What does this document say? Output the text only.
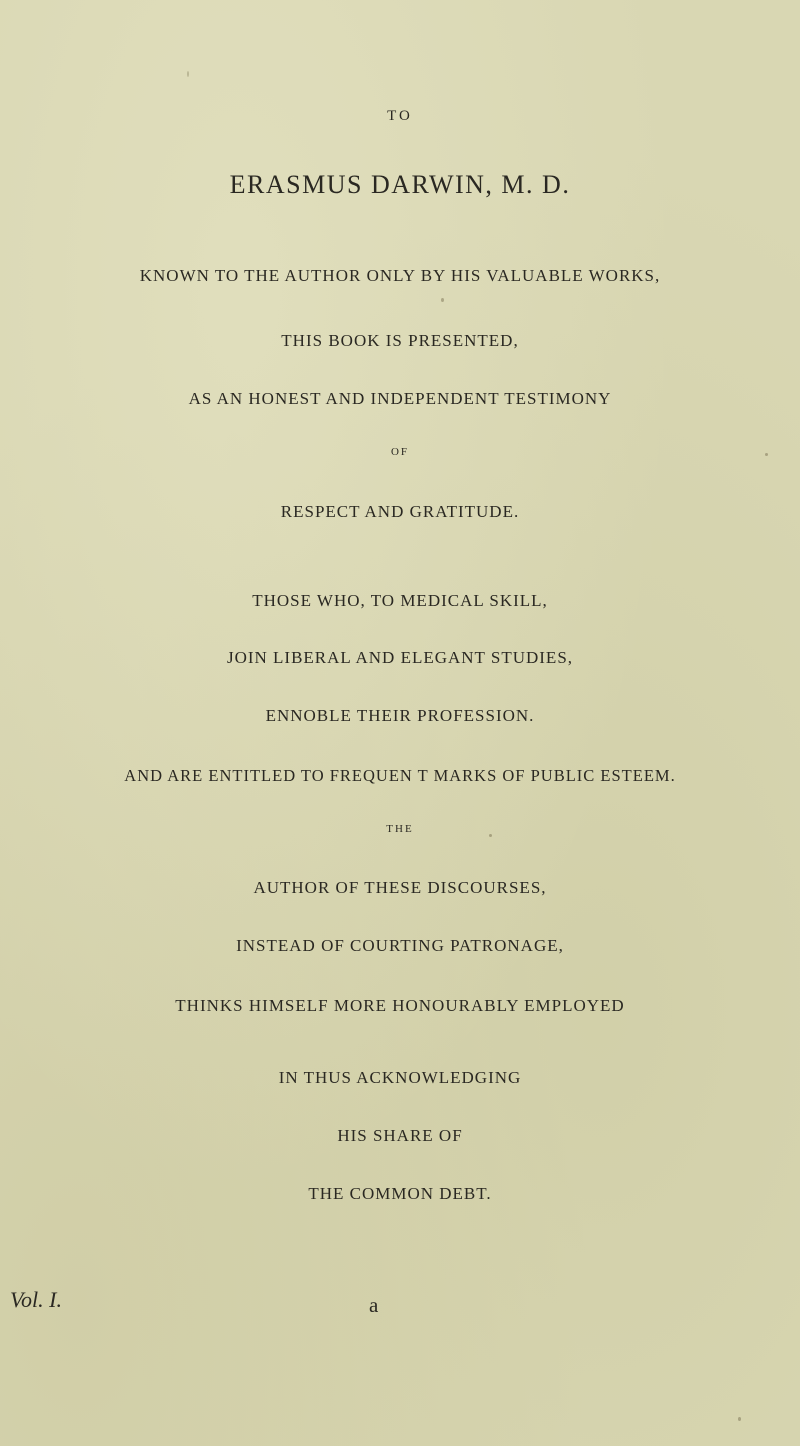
TO
ERASMUS DARWIN, M. D.
KNOWN TO THE AUTHOR ONLY BY HIS VALUABLE WORKS,
THIS BOOK IS PRESENTED,
AS AN HONEST AND INDEPENDENT TESTIMONY
OF
RESPECT AND GRATITUDE.
THOSE WHO, TO MEDICAL SKILL,
JOIN LIBERAL AND ELEGANT STUDIES,
ENNOBLE THEIR PROFESSION.
AND ARE ENTITLED TO FREQUEN T MARKS OF PUBLIC ESTEEM.
THE
AUTHOR OF THESE DISCOURSES,
INSTEAD OF COURTING PATRONAGE,
THINKS HIMSELF MORE HONOURABLY EMPLOYED
IN THUS ACKNOWLEDGING
HIS SHARE OF
THE COMMON DEBT.
Vol. I.	a
